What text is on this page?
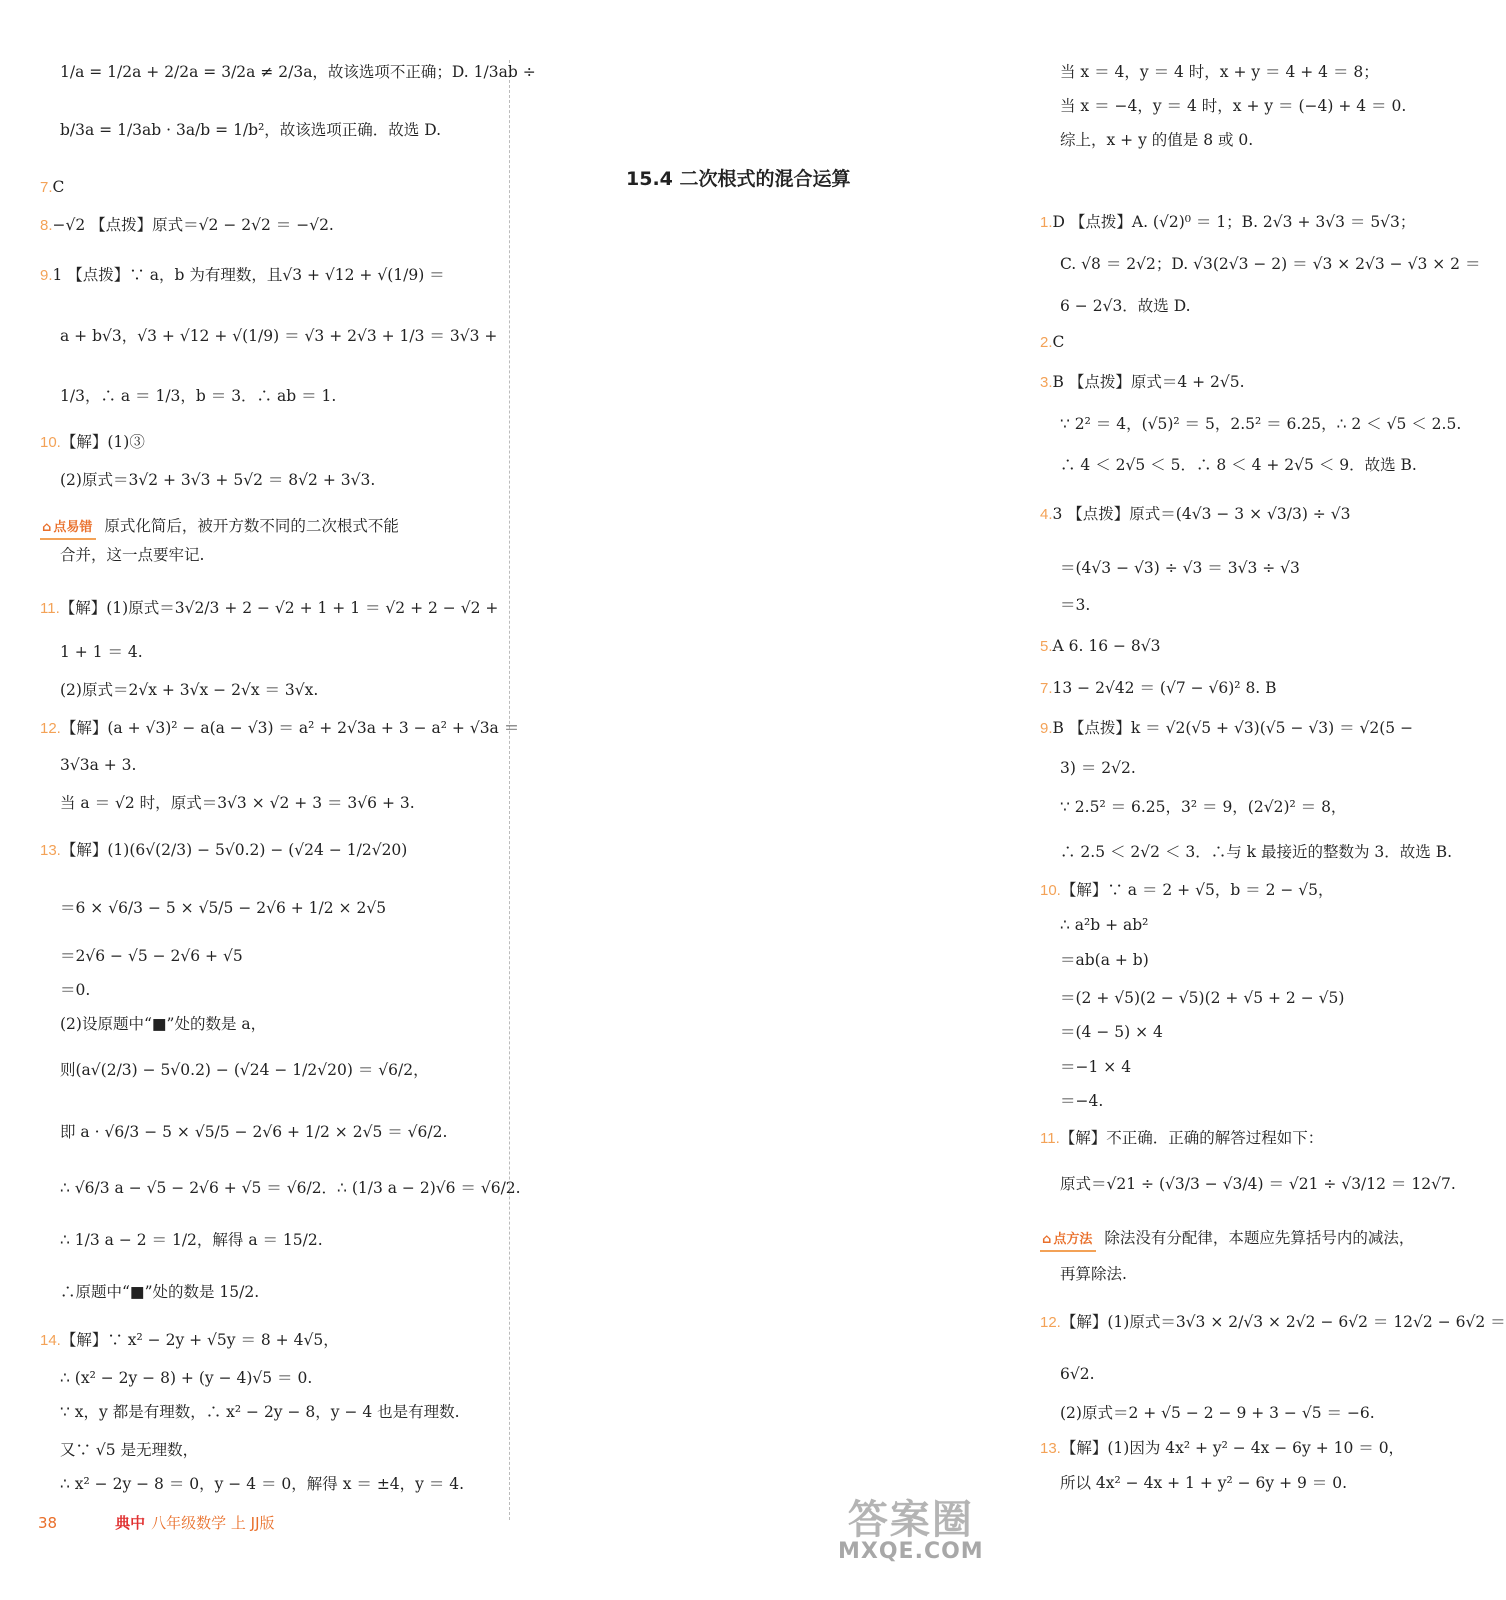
1/a = 1/2a + 2/2a = 3/2a ≠ 2/3a，故该选项不正确；D. 1/3ab ÷
b/3a = 1/3ab · 3a/b = 1/b²，故该选项正确．故选 D.
7.C
8.−√2 【点拨】原式＝√2 − 2√2 ＝ −√2.
9.1 【点拨】∵ a，b 为有理数，且√3 + √12 + √(1/9) ＝
a + b√3，√3 + √12 + √(1/9) ＝ √3 + 2√3 + 1/3 ＝ 3√3 +
1/3，∴ a ＝ 1/3，b ＝ 3．∴ ab ＝ 1.
10.【解】(1)③
(2)原式＝3√2 + 3√3 + 5√2 ＝ 8√2 + 3√3.
⌂ 点易错 原式化简后，被开方数不同的二次根式不能
合并，这一点要牢记.
11.【解】(1)原式＝3√2/3 + 2 − √2 + 1 + 1 ＝ √2 + 2 − √2 +
1 + 1 ＝ 4.
(2)原式＝2√x + 3√x − 2√x ＝ 3√x.
12.【解】(a + √3)² − a(a − √3) ＝ a² + 2√3a + 3 − a² + √3a ＝
3√3a + 3.
当 a ＝ √2 时，原式＝3√3 × √2 + 3 ＝ 3√6 + 3.
13.【解】(1)(6√(2/3) − 5√0.2) − (√24 − 1/2√20)
＝6 × √6/3 − 5 × √5/5 − 2√6 + 1/2 × 2√5
＝2√6 − √5 − 2√6 + √5
＝0.
(2)设原题中“■”处的数是 a，
则(a√(2/3) − 5√0.2) − (√24 − 1/2√20) ＝ √6/2，
即 a · √6/3 − 5 × √5/5 − 2√6 + 1/2 × 2√5 ＝ √6/2.
∴ √6/3 a − √5 − 2√6 + √5 ＝ √6/2．∴ (1/3 a − 2)√6 ＝ √6/2.
∴ 1/3 a − 2 ＝ 1/2，解得 a ＝ 15/2.
∴原题中“■”处的数是 15/2.
14.【解】∵ x² − 2y + √5y ＝ 8 + 4√5，
∴ (x² − 2y − 8) + (y − 4)√5 ＝ 0.
∵ x，y 都是有理数，∴ x² − 2y − 8，y − 4 也是有理数.
又∵ √5 是无理数，
∴ x² − 2y − 8 ＝ 0，y − 4 ＝ 0，解得 x ＝ ±4，y ＝ 4.
当 x ＝ 4，y ＝ 4 时，x + y ＝ 4 + 4 ＝ 8；
当 x ＝ −4，y ＝ 4 时，x + y ＝ (−4) + 4 ＝ 0.
综上，x + y 的值是 8 或 0.
1.D 【点拨】A. (√2)⁰ ＝ 1；B. 2√3 + 3√3 ＝ 5√3；
C. √8 ＝ 2√2；D. √3(2√3 − 2) ＝ √3 × 2√3 − √3 × 2 ＝
6 − 2√3．故选 D.
2.C
3.B 【点拨】原式＝4 + 2√5.
∵ 2² ＝ 4，(√5)² ＝ 5，2.5² ＝ 6.25，∴ 2 ＜ √5 ＜ 2.5.
∴ 4 ＜ 2√5 ＜ 5．∴ 8 ＜ 4 + 2√5 ＜ 9．故选 B.
4.3 【点拨】原式＝(4√3 − 3 × √3/3) ÷ √3
＝(4√3 − √3) ÷ √3 ＝ 3√3 ÷ √3
＝3.
5.A 6. 16 − 8√3
7.13 − 2√42 ＝ (√7 − √6)² 8. B
9.B 【点拨】k ＝ √2(√5 + √3)(√5 − √3) ＝ √2(5 −
3) ＝ 2√2.
∵ 2.5² ＝ 6.25，3² ＝ 9，(2√2)² ＝ 8，
∴ 2.5 ＜ 2√2 ＜ 3．∴与 k 最接近的整数为 3．故选 B.
10.【解】∵ a ＝ 2 + √5，b ＝ 2 − √5，
∴ a²b + ab²
＝ab(a + b)
＝(2 + √5)(2 − √5)(2 + √5 + 2 − √5)
＝(4 − 5) × 4
＝−1 × 4
＝−4.
11.【解】不正确．正确的解答过程如下：
原式＝√21 ÷ (√3/3 − √3/4) ＝ √21 ÷ √3/12 ＝ 12√7.
⌂ 点方法 除法没有分配律，本题应先算括号内的减法，
再算除法.
12.【解】(1)原式＝3√3 × 2/√3 × 2√2 − 6√2 ＝ 12√2 − 6√2 ＝
6√2.
(2)原式＝2 + √5 − 2 − 9 + 3 − √5 ＝ −6.
13.【解】(1)因为 4x² + y² − 4x − 6y + 10 ＝ 0，
所以 4x² − 4x + 1 + y² − 6y + 9 ＝ 0.
15.4 二次根式的混合运算
38	典中 八年级数学 上 JJ版	答案圈
MXQE.COM
